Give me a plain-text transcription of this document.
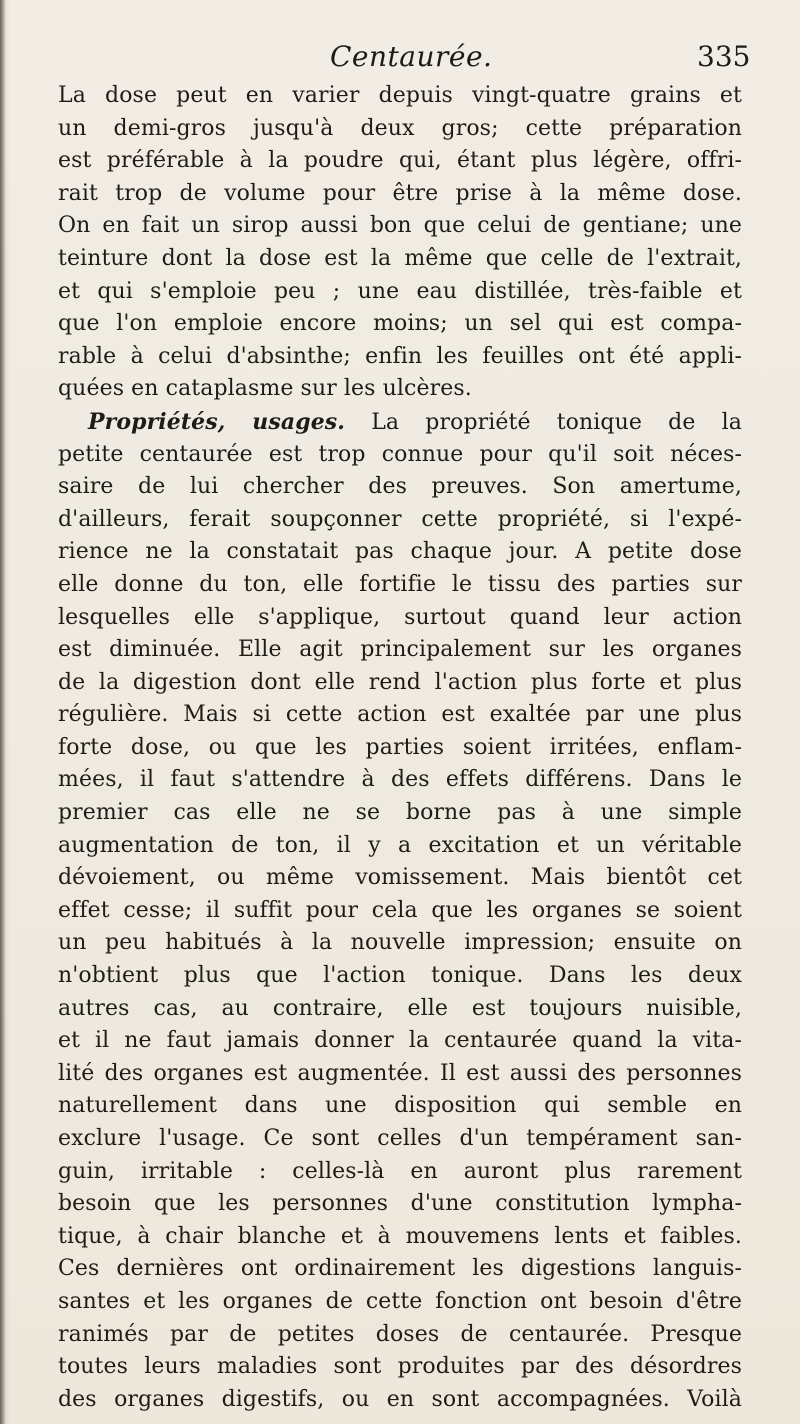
Centaurée.	335
La dose peut en varier depuis vingt-quatre grains et
un demi-gros jusqu'à deux gros; cette préparation
est préférable à la poudre qui, étant plus légère, offri-
rait trop de volume pour être prise à la même dose.
On en fait un sirop aussi bon que celui de gentiane; une
teinture dont la dose est la même que celle de l'extrait,
et qui s'emploie peu ; une eau distillée, très-faible et
que l'on emploie encore moins; un sel qui est compa-
rable à celui d'absinthe; enfin les feuilles ont été appli-
quées en cataplasme sur les ulcères.
Propriétés, usages. La propriété tonique de la
petite centaurée est trop connue pour qu'il soit néces-
saire de lui chercher des preuves. Son amertume,
d'ailleurs, ferait soupçonner cette propriété, si l'expé-
rience ne la constatait pas chaque jour. A petite dose
elle donne du ton, elle fortifie le tissu des parties sur
lesquelles elle s'applique, surtout quand leur action
est diminuée. Elle agit principalement sur les organes
de la digestion dont elle rend l'action plus forte et plus
régulière. Mais si cette action est exaltée par une plus
forte dose, ou que les parties soient irritées, enflam-
mées, il faut s'attendre à des effets différens. Dans le
premier cas elle ne se borne pas à une simple
augmentation de ton, il y a excitation et un véritable
dévoiement, ou même vomissement. Mais bientôt cet
effet cesse; il suffit pour cela que les organes se soient
un peu habitués à la nouvelle impression; ensuite on
n'obtient plus que l'action tonique. Dans les deux
autres cas, au contraire, elle est toujours nuisible,
et il ne faut jamais donner la centaurée quand la vita-
lité des organes est augmentée. Il est aussi des personnes
naturellement dans une disposition qui semble en
exclure l'usage. Ce sont celles d'un tempérament san-
guin, irritable : celles-là en auront plus rarement
besoin que les personnes d'une constitution lympha-
tique, à chair blanche et à mouvemens lents et faibles.
Ces dernières ont ordinairement les digestions languis-
santes et les organes de cette fonction ont besoin d'être
ranimés par de petites doses de centaurée. Presque
toutes leurs maladies sont produites par des désordres
des organes digestifs, ou en sont accompagnées. Voilà
